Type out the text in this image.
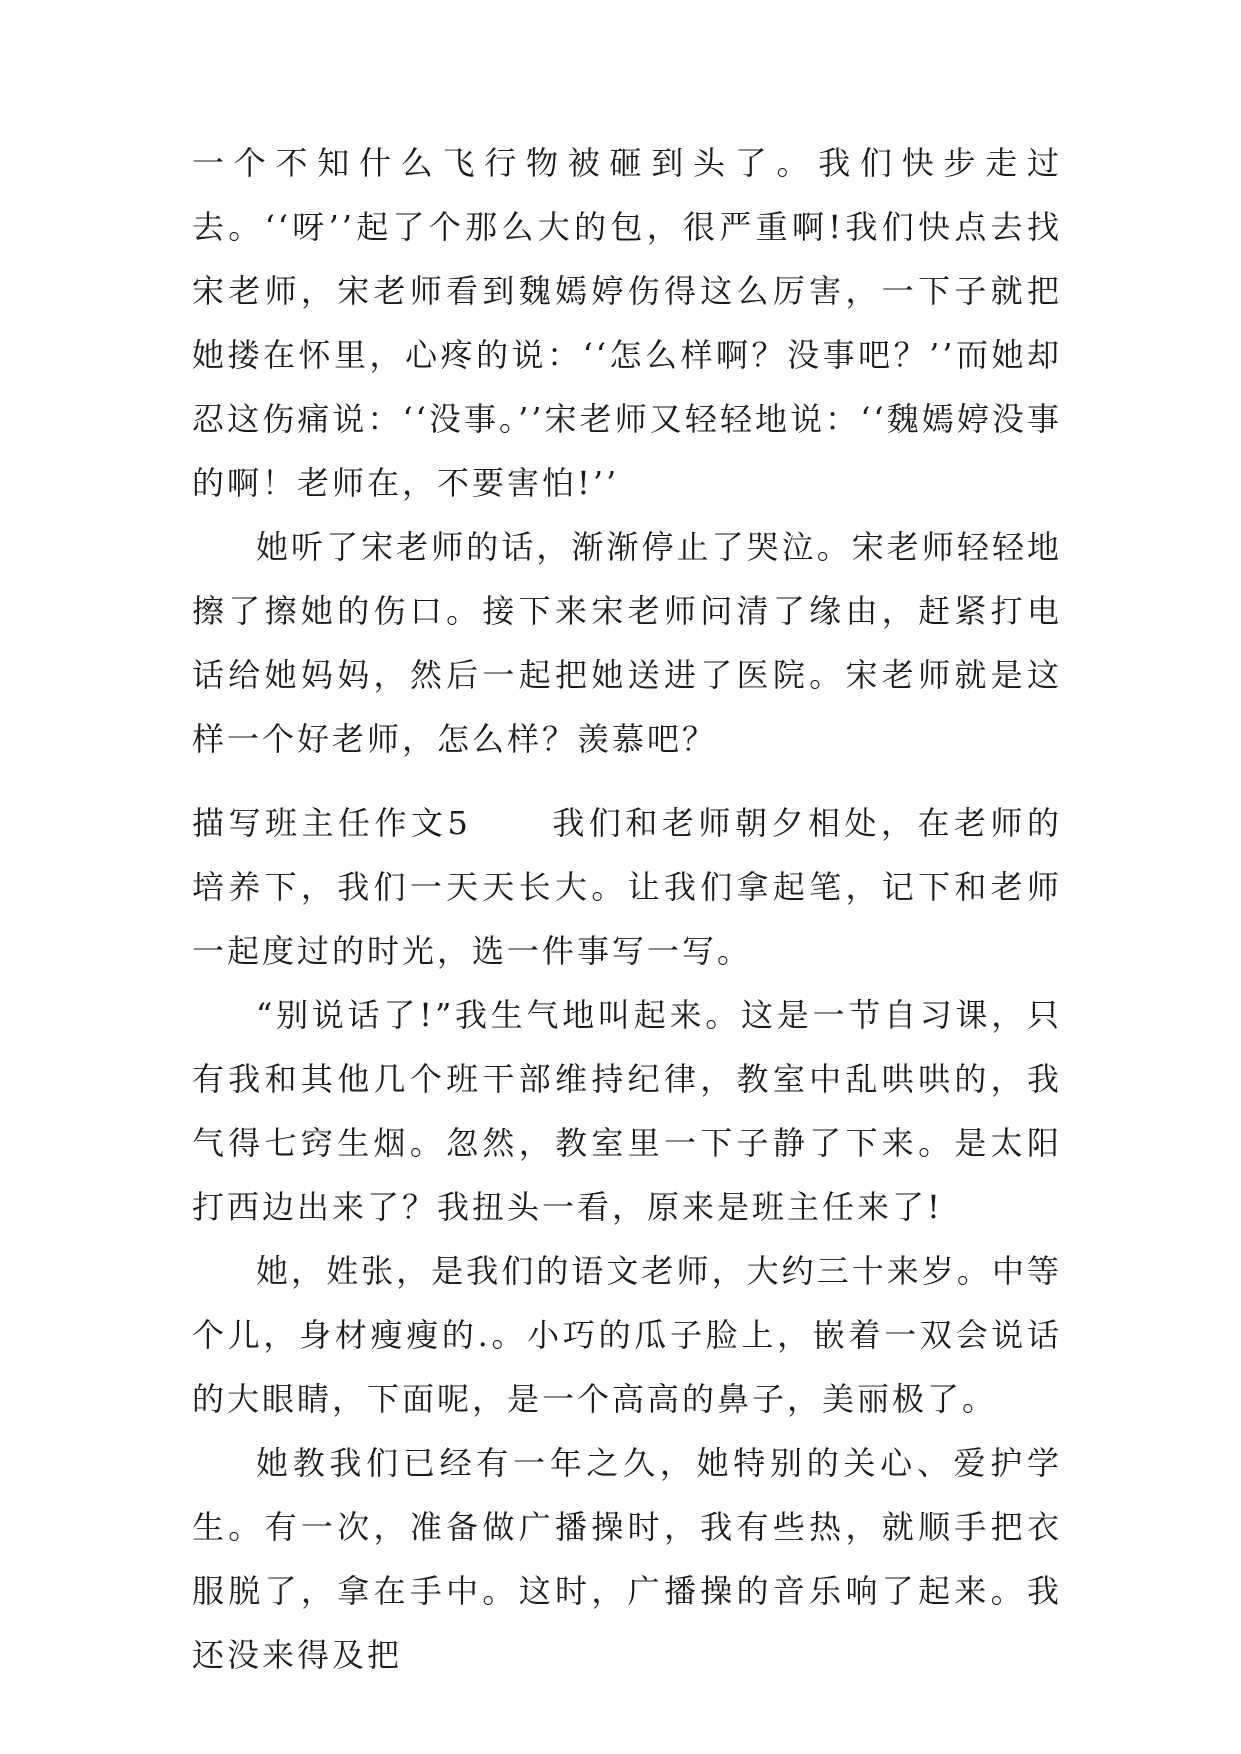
一个不知什么飞行物被砸到头了。我们快步走过去。‘‘呀’’起了个那么大的包，很严重啊!我们快点去找宋老师，宋老师看到魏嫣婷伤得这么厉害，一下子就把她搂在怀里，心疼的说：‘‘怎么样啊？没事吧？’’而她却忍这伤痛说：‘‘没事。’’宋老师又轻轻地说：‘‘魏嫣婷没事的啊！老师在，不要害怕!’’

她听了宋老师的话，渐渐停止了哭泣。宋老师轻轻地擦了擦她的伤口。接下来宋老师问清了缘由，赶紧打电话给她妈妈，然后一起把她送进了医院。宋老师就是这样一个好老师，怎么样？羡慕吧？

描写班主任作文5	我们和老师朝夕相处，在老师的培养下，我们一天天长大。让我们拿起笔，记下和老师一起度过的时光，选一件事写一写。

“别说话了!”我生气地叫起来。这是一节自习课，只有我和其他几个班干部维持纪律，教室中乱哄哄的，我气得七窍生烟。忽然，教室里一下子静了下来。是太阳打西边出来了？我扭头一看，原来是班主任来了!

她，姓张，是我们的语文老师，大约三十来岁。中等个儿，身材瘦瘦的.。小巧的瓜子脸上，嵌着一双会说话的大眼睛，下面呢，是一个高高的鼻子，美丽极了。

她教我们已经有一年之久，她特别的关心、爱护学生。有一次，准备做广播操时，我有些热，就顺手把衣服脱了，拿在手中。这时，广播操的音乐响了起来。我还没来得及把
